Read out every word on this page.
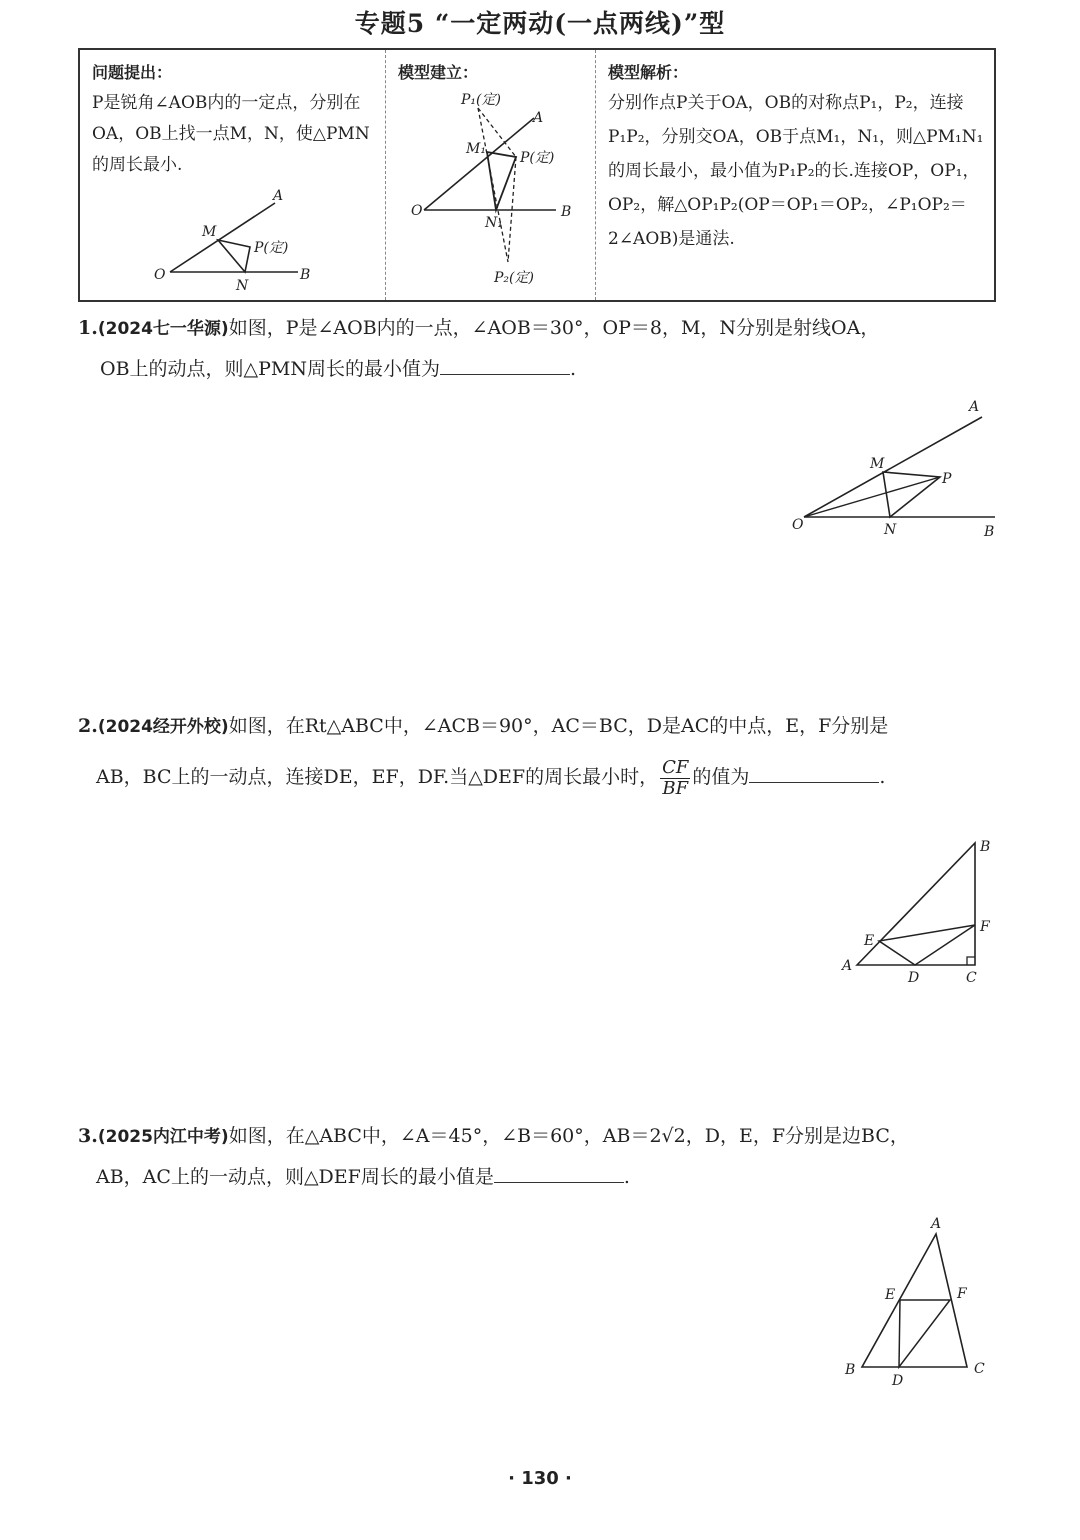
专题5 “一定两动(一点两线)”型
问题提出：
P是锐角∠AOB内的一定点，分别在OA，OB上找一点M，N，使△PMN的周长最小.
A
M
P(定)
O
N
B
模型建立：
P₁(定)
A
M₁
P(定)
O
N₁
B
P₂(定)
模型解析：
分别作点P关于OA，OB的对称点P₁，P₂，连接P₁P₂，分别交OA，OB于点M₁，N₁，则△PM₁N₁的周长最小，最小值为P₁P₂的长.连接OP，OP₁，OP₂，解△OP₁P₂(OP＝OP₁＝OP₂，∠P₁OP₂＝2∠AOB)是通法.
1.(2024七一华源)如图，P是∠AOB内的一点，∠AOB＝30°，OP＝8，M，N分别是射线OA，
OB上的动点，则△PMN周长的最小值为	.
A
M
P
O	N	B
2.(2024经开外校)如图，在Rt△ABC中，∠ACB＝90°，AC＝BC，D是AC的中点，E，F分别是
AB，BC上的一动点，连接DE，EF，DF.当△DEF的周长最小时， $\frac{CF}{BF}$ 的值为	.
B
F
E
A
D	C
3.(2025内江中考)如图，在△ABC中，∠A＝45°，∠B＝60°，AB＝2√2，D，E，F分别是边BC，
AB，AC上的一动点，则△DEF周长的最小值是	.
A
E	F
B
D
C
· 130 ·
